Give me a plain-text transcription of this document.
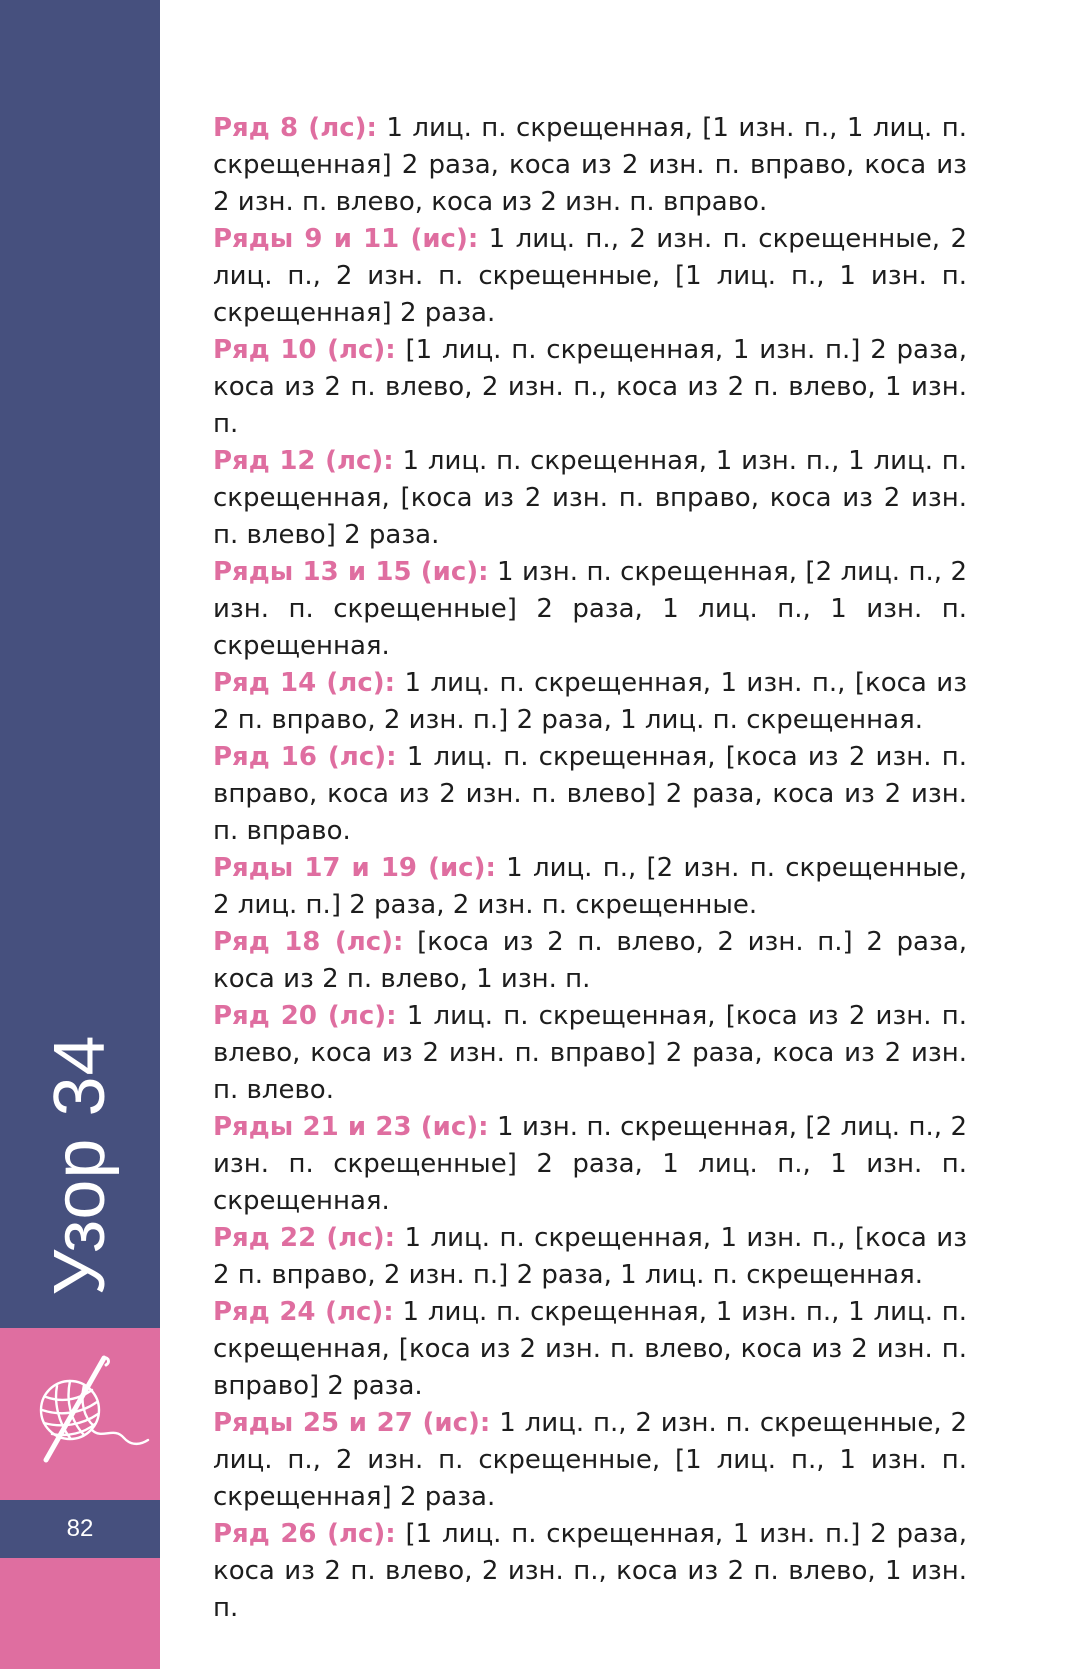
Узор 34
82

Ряд 8 (лс): 1 лиц. п. скрещенная, [1 изн. п., 1 лиц. п. скрещенная] 2 раза, коса из 2 изн. п. вправо, коса из 2 изн. п. влево, коса из 2 изн. п. вправо.

Ряды 9 и 11 (ис): 1 лиц. п., 2 изн. п. скрещенные, 2 лиц. п., 2 изн. п. скрещенные, [1 лиц. п., 1 изн. п. скрещенная] 2 раза.

Ряд 10 (лс): [1 лиц. п. скрещенная, 1 изн. п.] 2 раза, коса из 2 п. влево, 2 изн. п., коса из 2 п. влево, 1 изн. п.

Ряд 12 (лс): 1 лиц. п. скрещенная, 1 изн. п., 1 лиц. п. скрещенная, [коса из 2 изн. п. вправо, коса из 2 изн. п. влево] 2 раза.

Ряды 13 и 15 (ис): 1 изн. п. скрещенная, [2 лиц. п., 2 изн. п. скрещенные] 2 раза, 1 лиц. п., 1 изн. п. скрещенная.

Ряд 14 (лс): 1 лиц. п. скрещенная, 1 изн. п., [коса из 2 п. вправо, 2 изн. п.] 2 раза, 1 лиц. п. скрещенная.

Ряд 16 (лс): 1 лиц. п. скрещенная, [коса из 2 изн. п. вправо, коса из 2 изн. п. влево] 2 раза, коса из 2 изн. п. вправо.

Ряды 17 и 19 (ис): 1 лиц. п., [2 изн. п. скрещенные, 2 лиц. п.] 2 раза, 2 изн. п. скрещенные.

Ряд 18 (лс): [коса из 2 п. влево, 2 изн. п.] 2 раза, коса из 2 п. влево, 1 изн. п.

Ряд 20 (лс): 1 лиц. п. скрещенная, [коса из 2 изн. п. влево, коса из 2 изн. п. вправо] 2 раза, коса из 2 изн. п. влево.

Ряды 21 и 23 (ис): 1 изн. п. скрещенная, [2 лиц. п., 2 изн. п. скрещенные] 2 раза, 1 лиц. п., 1 изн. п. скрещенная.

Ряд 22 (лс): 1 лиц. п. скрещенная, 1 изн. п., [коса из 2 п. вправо, 2 изн. п.] 2 раза, 1 лиц. п. скрещенная.

Ряд 24 (лс): 1 лиц. п. скрещенная, 1 изн. п., 1 лиц. п. скрещенная, [коса из 2 изн. п. влево, коса из 2 изн. п. вправо] 2 раза.

Ряды 25 и 27 (ис): 1 лиц. п., 2 изн. п. скрещенные, 2 лиц. п., 2 изн. п. скрещенные, [1 лиц. п., 1 изн. п. скрещенная] 2 раза.

Ряд 26 (лс): [1 лиц. п. скрещенная, 1 изн. п.] 2 раза, коса из 2 п. влево, 2 изн. п., коса из 2 п. влево, 1 изн. п.
